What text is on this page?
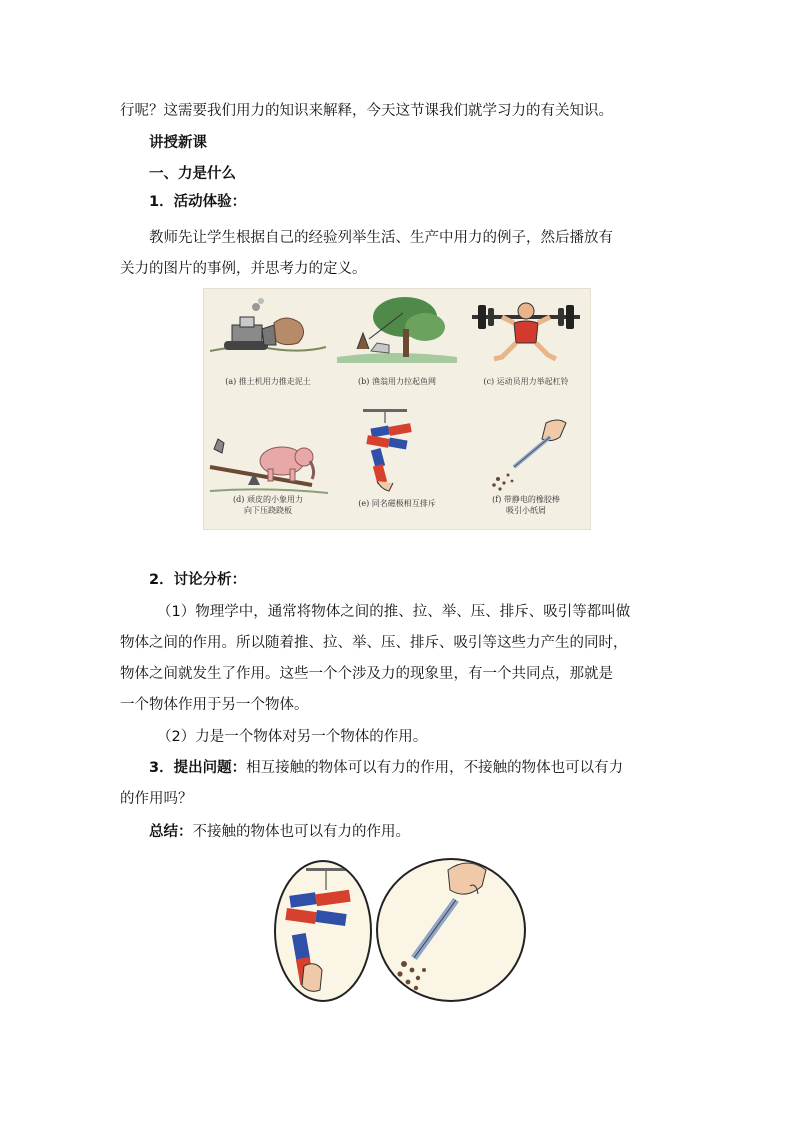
行呢？这需要我们用力的知识来解释，今天这节课我们就学习力的有关知识。
讲授新课
一、力是什么
1．活动体验：
教师先让学生根据自己的经验列举生活、生产中用力的例子，然后播放有
关力的图片的事例，并思考力的定义。
(a) 推土机用力推走泥土	(b) 渔翁用力拉起鱼网	(c) 运动员用力举起杠铃
(d) 顽皮的小象用力
向下压跷跷板
(e) 同名磁极相互排斥	(f) 带静电的橡胶棒
吸引小纸屑
2．讨论分析：
（1）物理学中，通常将物体之间的推、拉、举、压、排斥、吸引等都叫做
物体之间的作用。所以随着推、拉、举、压、排斥、吸引等这些力产生的同时，
物体之间就发生了作用。这些一个个涉及力的现象里，有一个共同点，那就是
一个物体作用于另一个物体。
（2）力是一个物体对另一个物体的作用。
3．提出问题：相互接触的物体可以有力的作用，不接触的物体也可以有力
的作用吗？
总结：不接触的物体也可以有力的作用。
